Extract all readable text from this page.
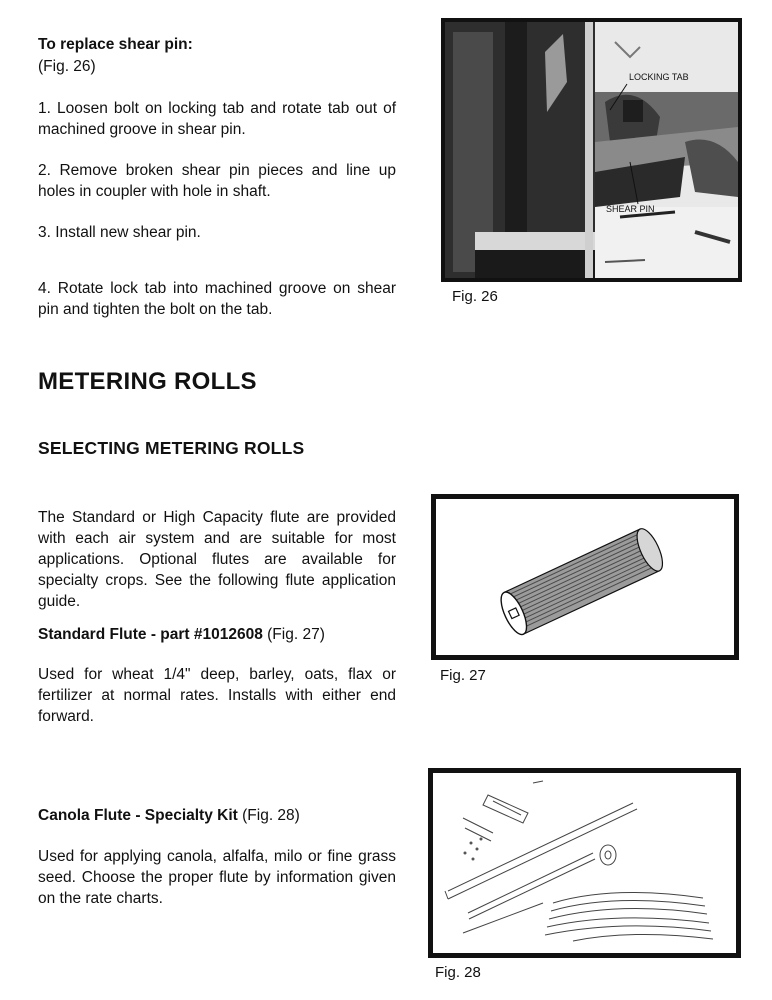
To replace shear pin:
(Fig. 26)
1. Loosen bolt on locking tab and rotate tab out of machined groove in shear pin.
2. Remove broken shear pin pieces and line up holes in coupler with hole in shaft.
3. Install new shear pin.
4. Rotate lock tab into machined groove on shear pin and tighten the bolt on the tab.
LOCKING TAB
SHEAR PIN
Fig. 26
METERING ROLLS
SELECTING METERING ROLLS
The Standard or High Capacity flute are provided with each air system and are suitable for most applications. Optional flutes are available for specialty crops. See the following flute application guide.
Standard Flute - part #1012608 (Fig. 27)
Used for wheat 1/4" deep, barley, oats, flax or fertilizer at normal rates. Installs with either end forward.
Fig. 27
Canola Flute - Specialty Kit (Fig. 28)
Used for applying canola, alfalfa, milo or fine grass seed. Choose the proper flute by information given on the rate charts.
Fig. 28
